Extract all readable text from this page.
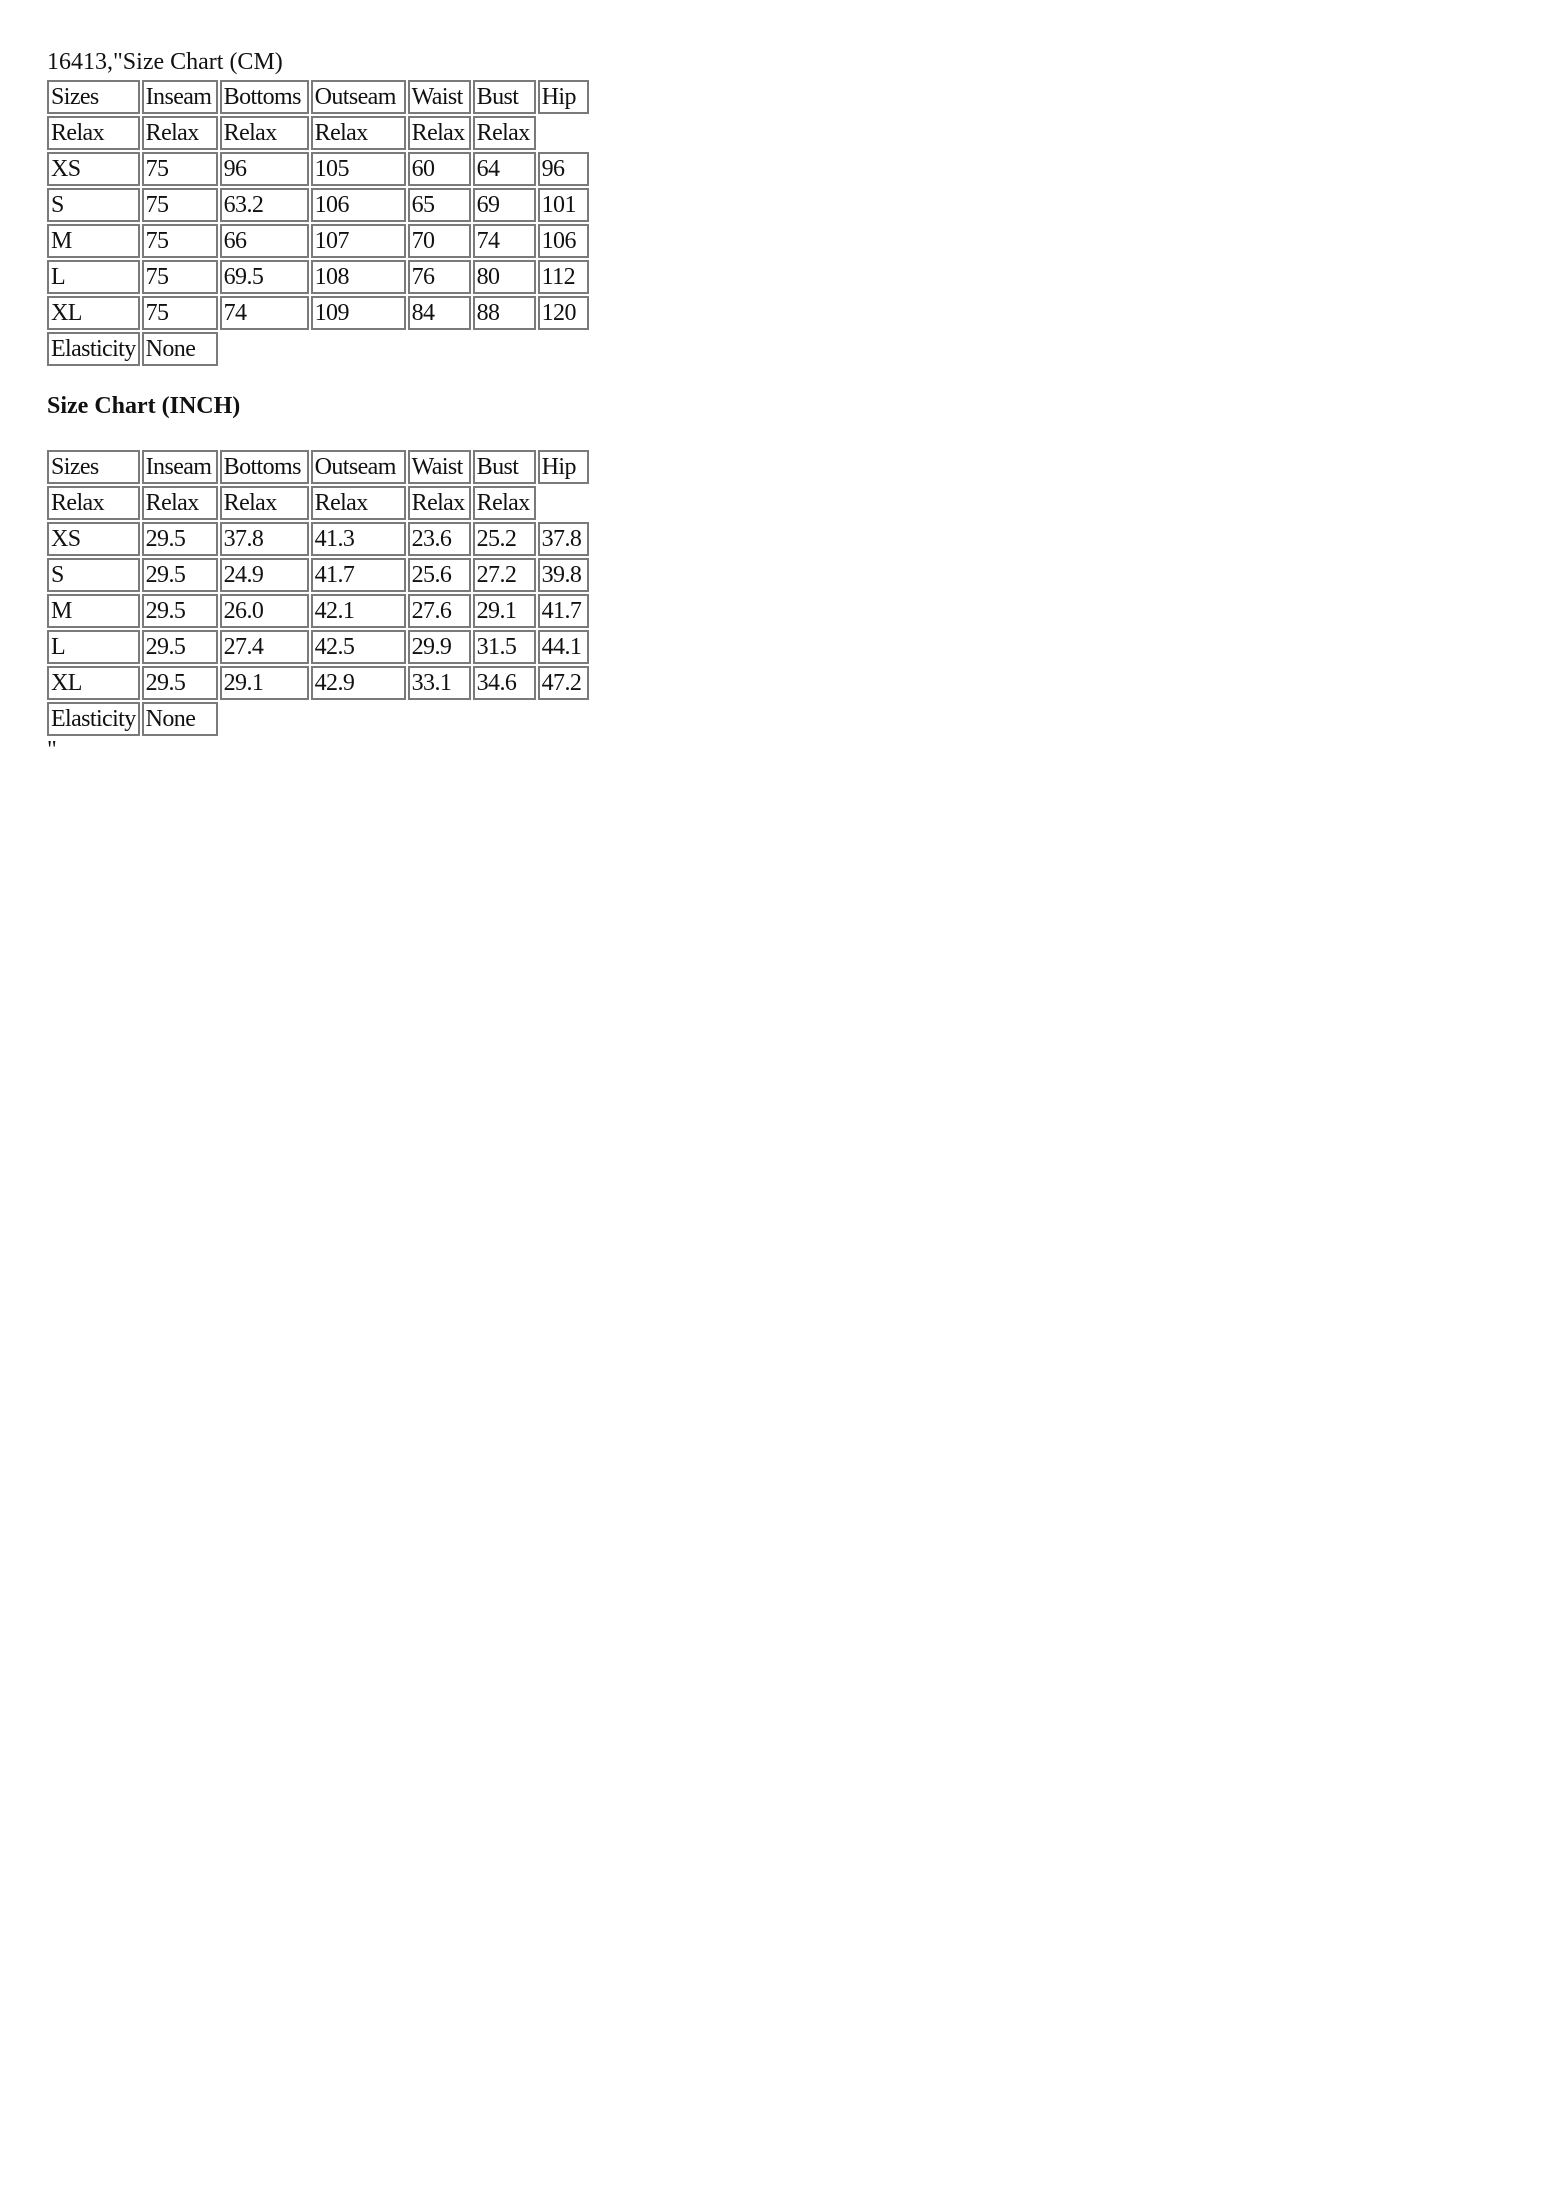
16413,"Size Chart (CM)
Sizes	Inseam	Bottoms	Outseam	Waist	Bust	Hip
Relax	Relax	Relax	Relax	Relax	Relax	
XS	75	96	105	60	64	96
S	75	63.2	106	65	69	101
M	75	66	107	70	74	106
L	75	69.5	108	76	80	112
XL	75	74	109	84	88	120
Elasticity	None					
Size Chart (INCH)
Sizes	Inseam	Bottoms	Outseam	Waist	Bust	Hip
Relax	Relax	Relax	Relax	Relax	Relax	
XS	29.5	37.8	41.3	23.6	25.2	37.8
S	29.5	24.9	41.7	25.6	27.2	39.8
M	29.5	26.0	42.1	27.6	29.1	41.7
L	29.5	27.4	42.5	29.9	31.5	44.1
XL	29.5	29.1	42.9	33.1	34.6	47.2
Elasticity	None					
"
